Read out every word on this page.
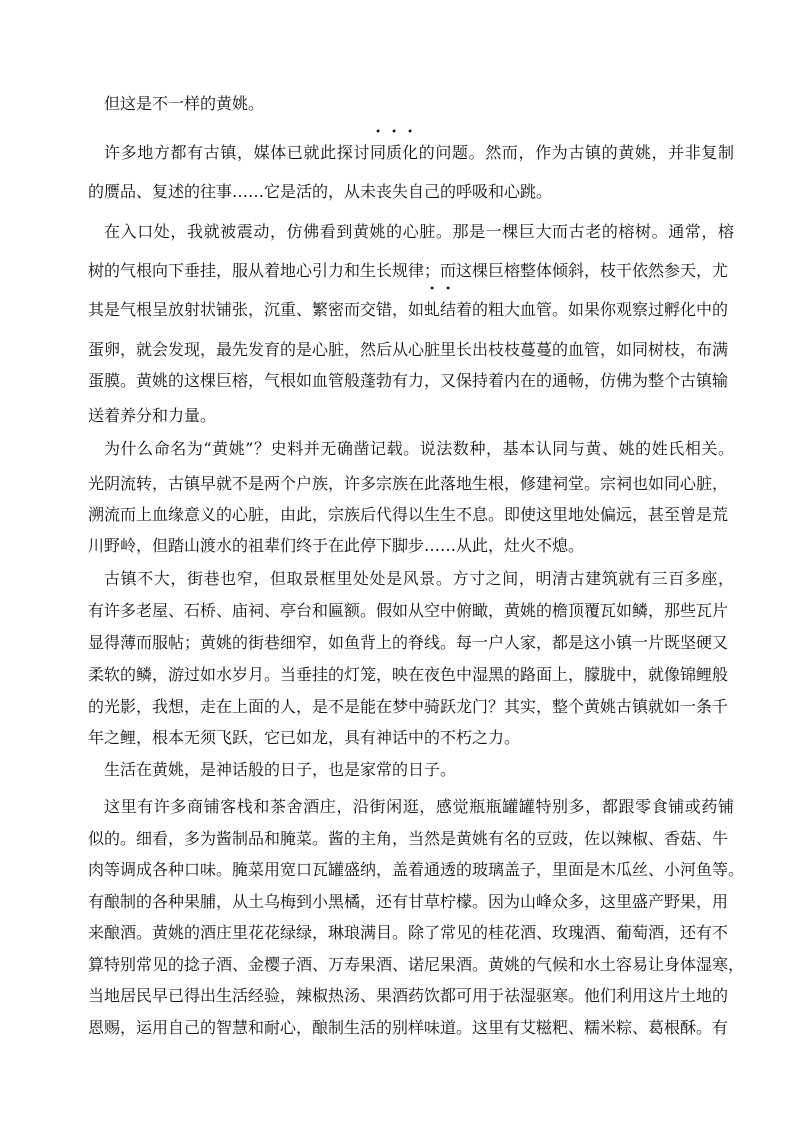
但这是不一样的黄姚。
许多地方都有古镇，媒体已就此探讨同质化的问题。然而，作为古镇的黄姚，并非复制
的赝品、复述的往事……它是活的，从未丧失自己的呼吸和心跳。
在入口处，我就被震动，仿佛看到黄姚的心脏。那是一棵巨大而古老的榕树。通常，榕
树的气根向下垂挂，服从着地心引力和生长规律；而这棵巨榕整体倾斜，枝干依然参天，尤
其是气根呈放射状铺张，沉重、繁密而交错，如虬结着的粗大血管。如果你观察过孵化中的
蛋卵，就会发现，最先发育的是心脏，然后从心脏里长出枝枝蔓蔓的血管，如同树枝，布满
蛋膜。黄姚的这棵巨榕，气根如血管般蓬勃有力，又保持着内在的通畅，仿佛为整个古镇输
送着养分和力量。
为什么命名为“黄姚”？史料并无确凿记载。说法数种，基本认同与黄、姚的姓氏相关。
光阴流转，古镇早就不是两个户族，许多宗族在此落地生根，修建祠堂。宗祠也如同心脏，
溯流而上血缘意义的心脏，由此，宗族后代得以生生不息。即使这里地处偏远，甚至曾是荒
川野岭，但踏山渡水的祖辈们终于在此停下脚步……从此，灶火不熄。
古镇不大，街巷也窄，但取景框里处处是风景。方寸之间，明清古建筑就有三百多座，
有许多老屋、石桥、庙祠、亭台和匾额。假如从空中俯瞰，黄姚的檐顶覆瓦如鳞，那些瓦片
显得薄而服帖；黄姚的街巷细窄，如鱼背上的脊线。每一户人家，都是这小镇一片既坚硬又
柔软的鳞，游过如水岁月。当垂挂的灯笼，映在夜色中湿黑的路面上，朦胧中，就像锦鲤般
的光影，我想，走在上面的人，是不是能在梦中骑跃龙门？其实，整个黄姚古镇就如一条千
年之鲤，根本无须飞跃，它已如龙，具有神话中的不朽之力。
生活在黄姚，是神话般的日子，也是家常的日子。
这里有许多商铺客栈和茶舍酒庄，沿街闲逛，感觉瓶瓶罐罐特别多，都跟零食铺或药铺
似的。细看，多为酱制品和腌菜。酱的主角，当然是黄姚有名的豆豉，佐以辣椒、香菇、牛
肉等调成各种口味。腌菜用宽口瓦罐盛纳，盖着通透的玻璃盖子，里面是木瓜丝、小河鱼等。
有酿制的各种果脯，从土乌梅到小黑橘，还有甘草柠檬。因为山峰众多，这里盛产野果，用
来酿酒。黄姚的酒庄里花花绿绿，琳琅满目。除了常见的桂花酒、玫瑰酒、葡萄酒，还有不
算特别常见的捻子酒、金樱子酒、万寿果酒、诺尼果酒。黄姚的气候和水土容易让身体湿寒，
当地居民早已得出生活经验，辣椒热汤、果酒药饮都可用于祛湿驱寒。他们利用这片土地的
恩赐，运用自己的智慧和耐心，酿制生活的别样味道。这里有艾糍粑、糯米粽、葛根酥。有
